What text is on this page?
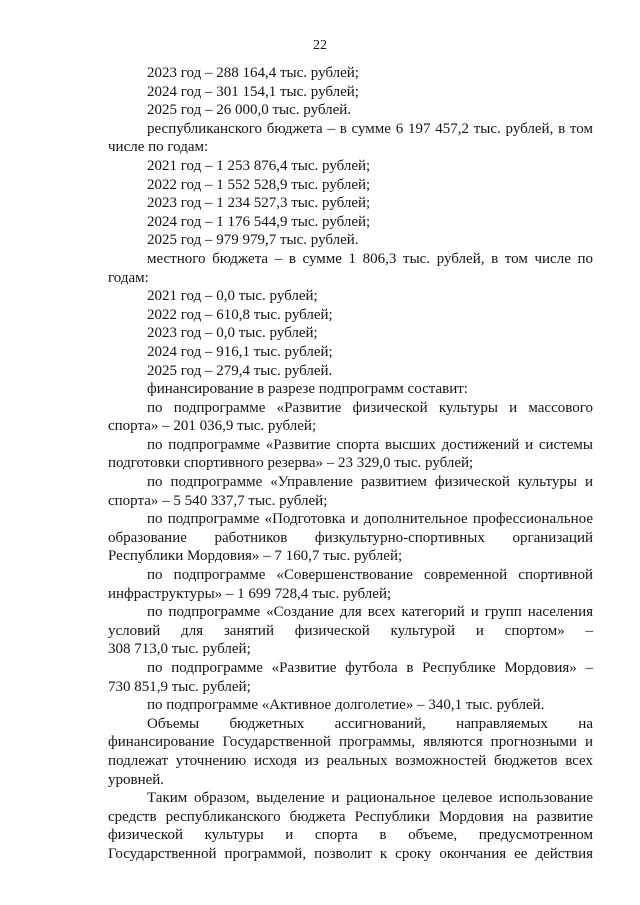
22
2023 год – 288 164,4 тыс. рублей;
2024 год – 301 154,1 тыс. рублей;
2025 год – 26 000,0 тыс. рублей.
республиканского бюджета – в сумме 6 197 457,2 тыс. рублей, в том
числе по годам:
2021 год – 1 253 876,4 тыс. рублей;
2022 год – 1 552 528,9 тыс. рублей;
2023 год – 1 234 527,3 тыс. рублей;
2024 год – 1 176 544,9 тыс. рублей;
2025 год – 979 979,7 тыс. рублей.
местного бюджета – в сумме 1 806,3 тыс. рублей, в том числе по
годам:
2021 год – 0,0 тыс. рублей;
2022 год – 610,8 тыс. рублей;
2023 год – 0,0 тыс. рублей;
2024 год – 916,1 тыс. рублей;
2025 год – 279,4 тыс. рублей.
финансирование в разрезе подпрограмм составит:
по подпрограмме «Развитие физической культуры и массового
спорта» – 201 036,9 тыс. рублей;
по подпрограмме «Развитие спорта высших достижений и системы
подготовки спортивного резерва» – 23 329,0 тыс. рублей;
по подпрограмме «Управление развитием физической культуры и
спорта» – 5 540 337,7 тыс. рублей;
по подпрограмме «Подготовка и дополнительное профессиональное
образование работников физкультурно-спортивных организаций
Республики Мордовия» – 7 160,7 тыс. рублей;
по подпрограмме «Совершенствование современной спортивной
инфраструктуры» – 1 699 728,4 тыс. рублей;
по подпрограмме «Создание для всех категорий и групп населения
условий для занятий физической культурой и спортом» –
308 713,0 тыс. рублей;
по подпрограмме «Развитие футбола в Республике Мордовия» –
730 851,9 тыс. рублей;
по подпрограмме «Активное долголетие» – 340,1 тыс. рублей.
Объемы бюджетных ассигнований, направляемых на
финансирование Государственной программы, являются прогнозными и
подлежат уточнению исходя из реальных возможностей бюджетов всех
уровней.
Таким образом, выделение и рациональное целевое использование
средств республиканского бюджета Республики Мордовия на развитие
физической культуры и спорта в объеме, предусмотренном
Государственной программой, позволит к сроку окончания ее действия
